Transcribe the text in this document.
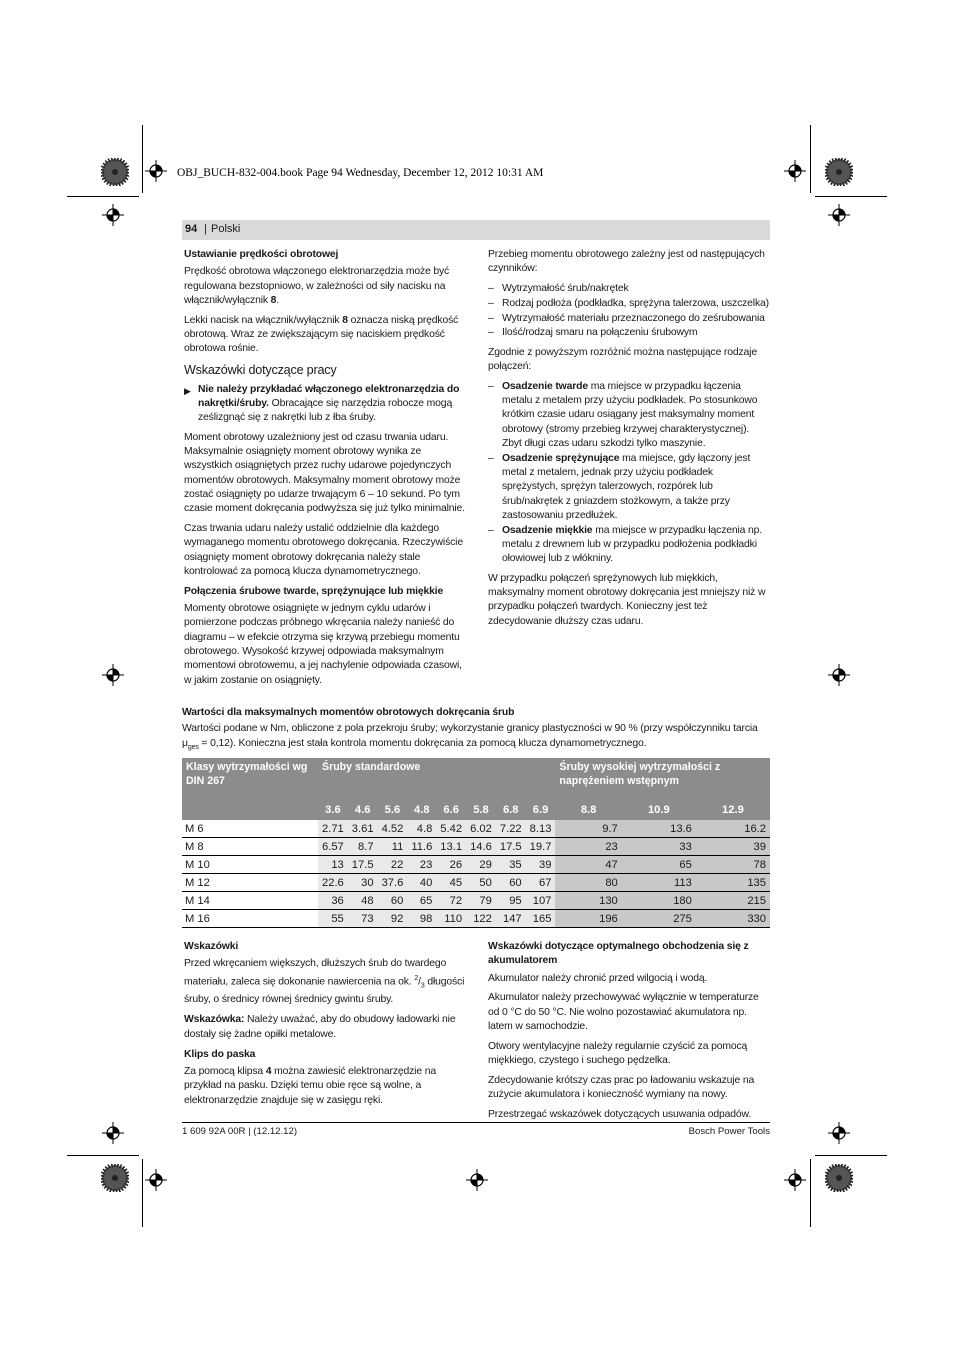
OBJ_BUCH-832-004.book Page 94 Wednesday, December 12, 2012 10:31 AM
94 | Polski
Ustawianie prędkości obrotowej

Prędkość obrotowa włączonego elektronarzędzia może być regulowana bezstopniowo, w zależności od siły nacisku na włącznik/wyłącznik 8.

Lekki nacisk na włącznik/wyłącznik 8 oznacza niską prędkość obrotową. Wraz ze zwiększającym się naciskiem prędkość obrotowa rośnie.

Wskazówki dotyczące pracy
▶ Nie należy przykładać włączonego elektronarzędzia do nakrętki/śruby. Obracające się narzędzia robocze mogą ześlizgnąć się z nakrętki lub z łba śruby.

Moment obrotowy uzależniony jest od czasu trwania udaru. Maksymalnie osiągnięty moment obrotowy wynika ze wszystkich osiągniętych przez ruchy udarowe pojedynczych momentów obrotowych. Maksymalny moment obrotowy może zostać osiągnięty po udarze trwającym 6 – 10 sekund. Po tym czasie moment dokręcania podwyższa się już tylko minimalnie.

Czas trwania udaru należy ustalić oddzielnie dla każdego wymaganego momentu obrotowego dokręcania. Rzeczywiście osiągnięty moment obrotowy dokręcania należy stale kontrolować za pomocą klucza dynamometrycznego.

Połączenia śrubowe twarde, sprężynujące lub miękkie

Momenty obrotowe osiągnięte w jednym cyklu udarów i pomierzone podczas próbnego wkręcania należy nanieść do diagramu – w efekcie otrzyma się krzywą przebiegu momentu obrotowego. Wysokość krzywej odpowiada maksymalnym momentowi obrotowemu, a jej nachylenie odpowiada czasowi, w jakim zostanie on osiągnięty.

Przebieg momentu obrotowego zależny jest od następujących czynników:

– Wytrzymałość śrub/nakrętek
– Rodzaj podłoża (podkładka, sprężyna talerzowa, uszczelka)
– Wytrzymałość materiału przeznaczonego do ześrubowania
– Ilość/rodzaj smaru na połączeniu śrubowym

Zgodnie z powyższym rozróżnić można następujące rodzaje połączeń:

– Osadzenie twarde ma miejsce w przypadku łączenia metalu z metalem przy użyciu podkładek. Po stosunkowo krótkim czasie udaru osiągany jest maksymalny moment obrotowy (stromy przebieg krzywej charakterystycznej). Zbyt długi czas udaru szkodzi tylko maszynie.
– Osadzenie sprężynujące ma miejsce, gdy łączony jest metal z metalem, jednak przy użyciu podkładek sprężystych, sprężyn talerzowych, rozpórek lub śrub/nakrętek z gniazdem stożkowym, a także przy zastosowaniu przedłużek.
– Osadzenie miękkie ma miejsce w przypadku łączenia np. metalu z drewnem lub w przypadku podłożenia podkładki ołowiowej lub z włókniny.

W przypadku połączeń sprężynowych lub miękkich, maksymalny moment obrotowy dokręcania jest mniejszy niż w przypadku połączeń twardych. Konieczny jest też zdecydowanie dłuższy czas udaru.

Wartości dla maksymalnych momentów obrotowych dokręcania śrub

Wartości podane w Nm, obliczone z pola przekroju śruby; wykorzystanie granicy plastyczności w 90 % (przy współczynniku tarcia $\mu_{ges} = 0,12$). Konieczna jest stała kontrola momentu dokręcania za pomocą klucza dynamometrycznego.

Klasy wytrzymałości wg DIN 267	Śruby standardowe								Śruby wysokiej wytrzymałości z naprężeniem wstępnym		
	3.6	4.6	5.6	4.8	6.6	5.8	6.8	6.9	8.8	10.9	12.9
M 6	2.71	3.61	4.52	4.8	5.42	6.02	7.22	8.13	9.7	13.6	16.2
M 8	6.57	8.7	11	11.6	13.1	14.6	17.5	19.7	23	33	39
M 10	13	17.5	22	23	26	29	35	39	47	65	78
M 12	22.6	30	37.6	40	45	50	60	67	80	113	135
M 14	36	48	60	65	72	79	95	107	130	180	215
M 16	55	73	92	98	110	122	147	165	196	275	330
Wskazówki

Przed wkręcaniem większych, dłuższych śrub do twardego materiału, zaleca się dokonanie nawiercenia na ok. $^2/_3$ długości śruby, o średnicy równej średnicy gwintu śruby.

Wskazówka: Należy uważać, aby do obudowy ładowarki nie dostały się żadne opiłki metalowe.

Klips do paska

Za pomocą klipsa 4 można zawiesić elektronarzędzie na przykład na pasku. Dzięki temu obie ręce są wolne, a elektronarzędzie znajduje się w zasięgu ręki.

Wskazówki dotyczące optymalnego obchodzenia się z akumulatorem

Akumulator należy chronić przed wilgocią i wodą.

Akumulator należy przechowywać wyłącznie w temperaturze od 0 °C do 50 °C. Nie wolno pozostawiać akumulatora np. latem w samochodzie.

Otwory wentylacyjne należy regularnie czyścić za pomocą miękkiego, czystego i suchego pędzelka.

Zdecydowanie krótszy czas prac po ładowaniu wskazuje na zużycie akumulatora i konieczność wymiany na nowy.

Przestrzegać wskazówek dotyczących usuwania odpadów.

1 609 92A 00R | (12.12.12)	Bosch Power Tools
